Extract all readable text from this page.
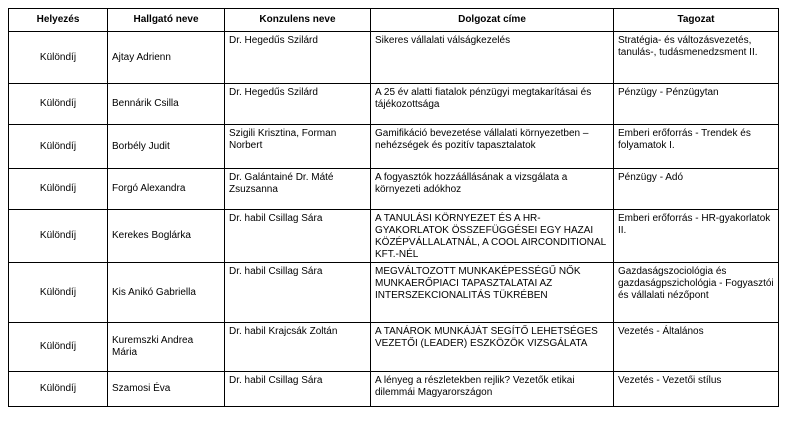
Helyezés	Hallgató neve	Konzulens neve	Dolgozat címe	Tagozat
Különdíj	Ajtay Adrienn	Dr. Hegedűs Szilárd	Sikeres vállalati válságkezelés	Stratégia- és változásvezetés, tanulás-, tudásmenedzsment II.
Különdíj	Bennárik Csilla	Dr. Hegedűs Szilárd	A 25 év alatti fiatalok pénzügyi megtakarításai és tájékozottsága	Pénzügy - Pénzügytan
Különdíj	Borbély Judit	Szigili Krisztina, Forman Norbert	Gamifikáció bevezetése vállalati környezetben – nehézségek és pozitív tapasztalatok	Emberi erőforrás - Trendek és folyamatok I.
Különdíj	Forgó Alexandra	Dr. Galántainé Dr. Máté Zsuzsanna	A fogyasztók hozzáállásának a vizsgálata a környezeti adókhoz	Pénzügy - Adó
Különdíj	Kerekes Boglárka	Dr. habil Csillag Sára	A TANULÁSI KÖRNYEZET ÉS A HR-GYAKORLATOK ÖSSZEFÜGGÉSEI EGY HAZAI KÖZÉPVÁLLALATNÁL, A COOL AIRCONDITIONAL KFT.-NÉL	Emberi erőforrás - HR-gyakorlatok II.
Különdíj	Kis Anikó Gabriella	Dr. habil Csillag Sára	MEGVÁLTOZOTT MUNKAKÉPESSÉGŰ NŐK MUNKAERŐPIACI TAPASZTALATAI AZ INTERSZEKCIONALITÁS TÜKRÉBEN	Gazdaságszociológia és gazdaságpszichológia - Fogyasztói és vállalati nézőpont
Különdíj	Kuremszki Andrea Mária	Dr. habil Krajcsák Zoltán	A TANÁROK MUNKÁJÁT SEGÍTŐ LEHETSÉGES VEZETŐI (LEADER) ESZKÖZÖK VIZSGÁLATA	Vezetés - Általános
Különdíj	Szamosi Éva	Dr. habil Csillag Sára	A lényeg a részletekben rejlik? Vezetők etikai dilemmái Magyarországon	Vezetés - Vezetői stílus
